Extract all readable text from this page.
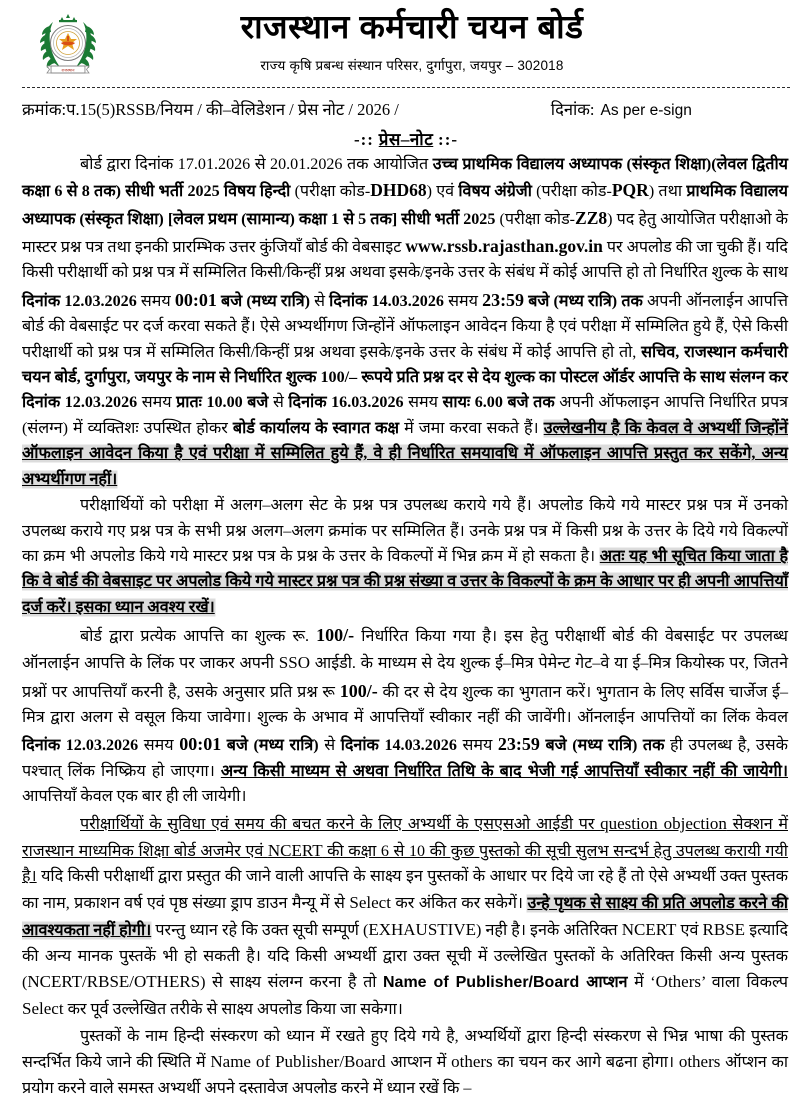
राजस्थान
राजस्थान कर्मचारी चयन बोर्ड
राज्य कृषि प्रबन्ध संस्थान परिसर, दुर्गापुरा, जयपुर – 302018
क्रमांक:प.15(5)RSSB/नियम / की–वेलिडेशन / प्रेस नोट / 2026 /	दिनांक: As per e-sign
-:: प्रेस–नोट ::-

बोर्ड द्वारा दिनांक 17.01.2026 से 20.01.2026 तक आयोजित उच्च प्राथमिक विद्यालय अध्यापक (संस्कृत शिक्षा)(लेवल द्वितीय कक्षा 6 से 8 तक) सीधी भर्ती 2025 विषय हिन्दी (परीक्षा कोड-DHD68) एवं विषय अंग्रेजी (परीक्षा कोड-PQR) तथा प्राथमिक विद्यालय अध्यापक (संस्कृत शिक्षा) [लेवल प्रथम (सामान्य) कक्षा 1 से 5 तक] सीधी भर्ती 2025 (परीक्षा कोड-ZZ8) पद हेतु आयोजित परीक्षाओ के मास्टर प्रश्न पत्र तथा इनकी प्रारम्भिक उत्तर कुंजियॉं बोर्ड की वेबसाइट www.rssb.rajasthan.gov.in पर अपलोड की जा चुकी हैं। यदि किसी परीक्षार्थी को प्रश्न पत्र में सम्मिलित किसी/किन्हीं प्रश्न अथवा इसके/इनके उत्तर के संबंध में कोई आपत्ति हो तो निर्धारित शुल्क के साथ दिनांक 12.03.2026 समय 00:01 बजे (मध्य रात्रि) से दिनांक 14.03.2026 समय 23:59 बजे (मध्य रात्रि) तक अपनी ऑनलाईन आपत्ति बोर्ड की वेबसाईट पर दर्ज करवा सकते हैं। ऐसे अभ्यर्थीगण जिन्होंनें ऑफलाइन आवेदन किया है एवं परीक्षा में सम्मिलित हुये हैं, ऐसे किसी परीक्षार्थी को प्रश्न पत्र में सम्मिलित किसी/किन्हीं प्रश्न अथवा इसके/इनके उत्तर के संबंध में कोई आपत्ति हो तो, सचिव, राजस्थान कर्मचारी चयन बोर्ड, दुर्गापुरा, जयपुर के नाम से निर्धारित शुल्क 100/– रूपये प्रति प्रश्न दर से देय शुल्क का पोस्टल ऑर्डर आपत्ति के साथ संलग्न कर दिनांक 12.03.2026 समय प्रातः 10.00 बजे से दिनांक 16.03.2026 समय सायः 6.00 बजे तक अपनी ऑफलाइन आपत्ति निर्धारित प्रपत्र (संलग्न) में व्यक्तिशः उपस्थित होकर बोर्ड कार्यालय के स्वागत कक्ष में जमा करवा सकते हैं। उल्लेखनीय है कि केवल वे अभ्यर्थी जिन्होंनें ऑफलाइन आवेदन किया है एवं परीक्षा में सम्मिलित हुये हैं, वे ही निर्धारित समयावधि में ऑफलाइन आपत्ति प्रस्तुत कर सकेंगे, अन्य अभ्यर्थीगण नहीं।

परीक्षार्थियों को परीक्षा में अलग–अलग सेट के प्रश्न पत्र उपलब्ध कराये गये हैं। अपलोड किये गये मास्टर प्रश्न पत्र में उनको उपलब्ध कराये गए प्रश्न पत्र के सभी प्रश्न अलग–अलग क्रमांक पर सम्मिलित हैं। उनके प्रश्न पत्र में किसी प्रश्न के उत्तर के दिये गये विकल्पों का क्रम भी अपलोड किये गये मास्टर प्रश्न पत्र के प्रश्न के उत्तर के विकल्पों में भिन्न क्रम में हो सकता है। अतः यह भी सूचित किया जाता है कि वे बोर्ड की वेबसाइट पर अपलोड किये गये मास्टर प्रश्न पत्र की प्रश्न संख्या व उत्तर के विकल्पों के क्रम के आधार पर ही अपनी आपत्तियाँ दर्ज करें। इसका ध्यान अवश्य रखें।

बोर्ड द्वारा प्रत्येक आपत्ति का शुल्क रू. 100/- निर्धारित किया गया है। इस हेतु परीक्षार्थी बोर्ड की वेबसाईट पर उपलब्ध ऑनलाईन आपत्ति के लिंक पर जाकर अपनी SSO आईडी. के माध्यम से देय शुल्क ई–मित्र पेमेन्ट गेट–वे या ई–मित्र कियोस्क पर, जितने प्रश्नों पर आपत्तियाँ करनी है, उसके अनुसार प्रति प्रश्न रू 100/- की दर से देय शुल्क का भुगतान करें। भुगतान के लिए सर्विस चार्जेज ई–मित्र द्वारा अलग से वसूल किया जावेगा। शुल्क के अभाव में आपत्तियाँ स्वीकार नहीं की जावेंगी। ऑनलाईन आपत्तियों का लिंक केवल दिनांक 12.03.2026 समय 00:01 बजे (मध्य रात्रि) से दिनांक 14.03.2026 समय 23:59 बजे (मध्य रात्रि) तक ही उपलब्ध है, उसके पश्चात् लिंक निष्क्रिय हो जाएगा। अन्य किसी माध्यम से अथवा निर्धारित तिथि के बाद भेजी गई आपत्तियाँ स्वीकार नहीं की जायेगी। आपत्तियाँ केवल एक बार ही ली जायेगी।

परीक्षार्थियों के सुविधा एवं समय की बचत करने के लिए अभ्यर्थी के एसएसओ आईडी पर question objection सेक्शन में राजस्थान माध्यमिक शिक्षा बोर्ड अजमेर एवं NCERT की कक्षा 6 से 10 की कुछ पुस्तको की सूची सुलभ सन्दर्भ हेतु उपलब्ध करायी गयी है। यदि किसी परीक्षार्थी द्वारा प्रस्तुत की जाने वाली आपत्ति के साक्ष्य इन पुस्तकों के आधार पर दिये जा रहे हैं तो ऐसे अभ्यर्थी उक्त पुस्तक का नाम, प्रकाशन वर्ष एवं पृष्ठ संख्या ड्राप डाउन मैन्यू में से Select कर अंकित कर सकेगें। उन्हे पृथक से साक्ष्य की प्रति अपलोड करने की आवश्यकता नहीं होगी। परन्तु ध्यान रहे कि उक्त सूची सम्पूर्ण (EXHAUSTIVE) नही है। इनके अतिरिक्त NCERT एवं RBSE इत्यादि की अन्य मानक पुस्तकें भी हो सकती है। यदि किसी अभ्यर्थी द्वारा उक्त सूची में उल्लेखित पुस्तकों के अतिरिक्त किसी अन्य पुस्तक (NCERT/RBSE/OTHERS) से साक्ष्य संलग्न करना है तो Name of Publisher/Board आप्शन में ‘Others’ वाला विकल्प Select कर पूर्व उल्लेखित तरीके से साक्ष्य अपलोड किया जा सकेगा।

पुस्तकों के नाम हिन्दी संस्करण को ध्यान में रखते हुए दिये गये है, अभ्यर्थियों द्वारा हिन्दी संस्करण से भिन्न भाषा की पुस्तक सन्दर्भित किये जाने की स्थिति में Name of Publisher/Board आप्शन में others का चयन कर आगे बढना होगा। others ऑप्शन का प्रयोग करने वाले समस्त अभ्यर्थी अपने दस्तावेज अपलोड करने में ध्यान रखें कि –
